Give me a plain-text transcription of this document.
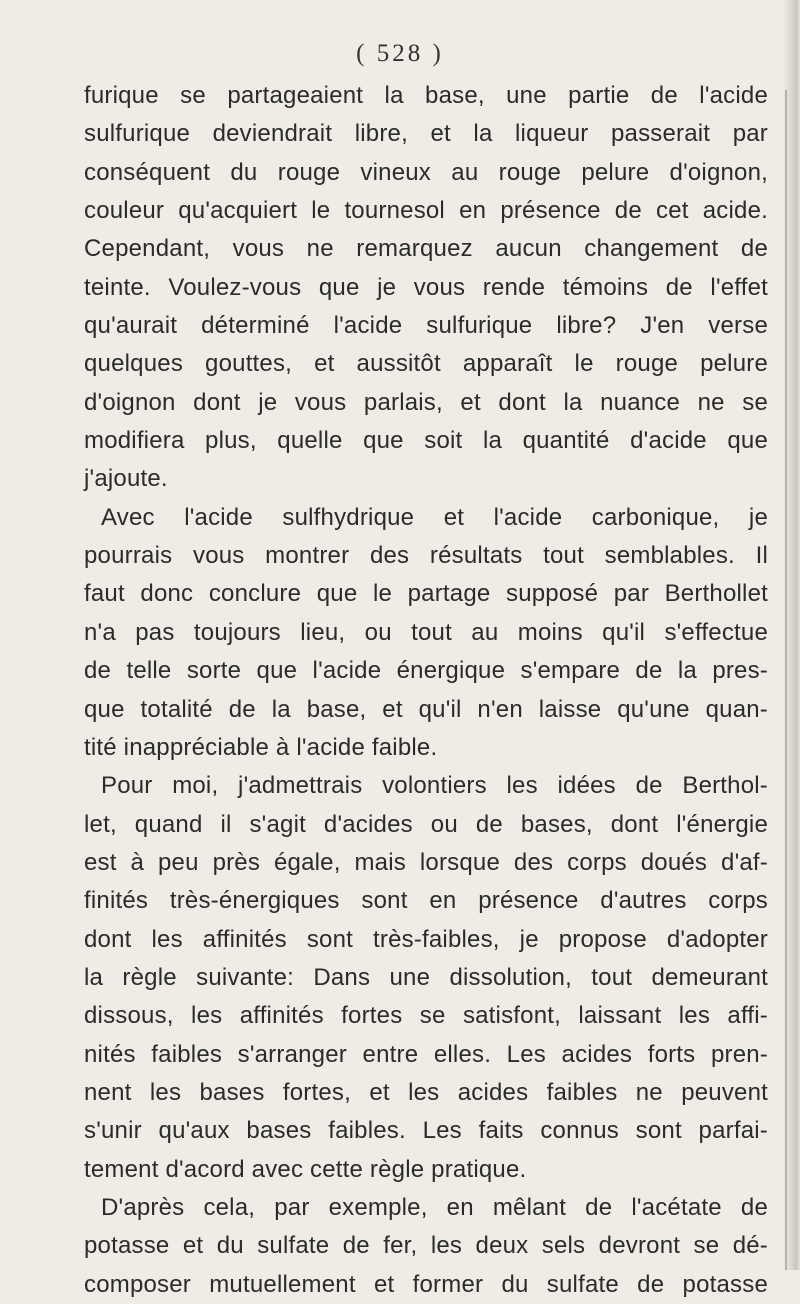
( 528 )
furique se partageaient la base, une partie de l'acide
sulfurique deviendrait libre, et la liqueur passerait par
conséquent du rouge vineux au rouge pelure d'oignon,
couleur qu'acquiert le tournesol en présence de cet acide.
Cependant, vous ne remarquez aucun changement de
teinte. Voulez-vous que je vous rende témoins de l'effet
qu'aurait déterminé l'acide sulfurique libre? J'en verse
quelques gouttes, et aussitôt apparaît le rouge pelure
d'oignon dont je vous parlais, et dont la nuance ne se
modifiera plus, quelle que soit la quantité d'acide que
j'ajoute.
Avec l'acide sulfhydrique et l'acide carbonique, je
pourrais vous montrer des résultats tout semblables. Il
faut donc conclure que le partage supposé par Berthollet
n'a pas toujours lieu, ou tout au moins qu'il s'effectue
de telle sorte que l'acide énergique s'empare de la pres-
que totalité de la base, et qu'il n'en laisse qu'une quan-
tité inappréciable à l'acide faible.
Pour moi, j'admettrais volontiers les idées de Berthol-
let, quand il s'agit d'acides ou de bases, dont l'énergie
est à peu près égale, mais lorsque des corps doués d'af-
finités très-énergiques sont en présence d'autres corps
dont les affinités sont très-faibles, je propose d'adopter
la règle suivante: Dans une dissolution, tout demeurant
dissous, les affinités fortes se satisfont, laissant les affi-
nités faibles s'arranger entre elles. Les acides forts pren-
nent les bases fortes, et les acides faibles ne peuvent
s'unir qu'aux bases faibles. Les faits connus sont parfai-
tement d'acord avec cette règle pratique.
D'après cela, par exemple, en mêlant de l'acétate de
potasse et du sulfate de fer, les deux sels devront se dé-
composer mutuellement et former du sulfate de potasse
